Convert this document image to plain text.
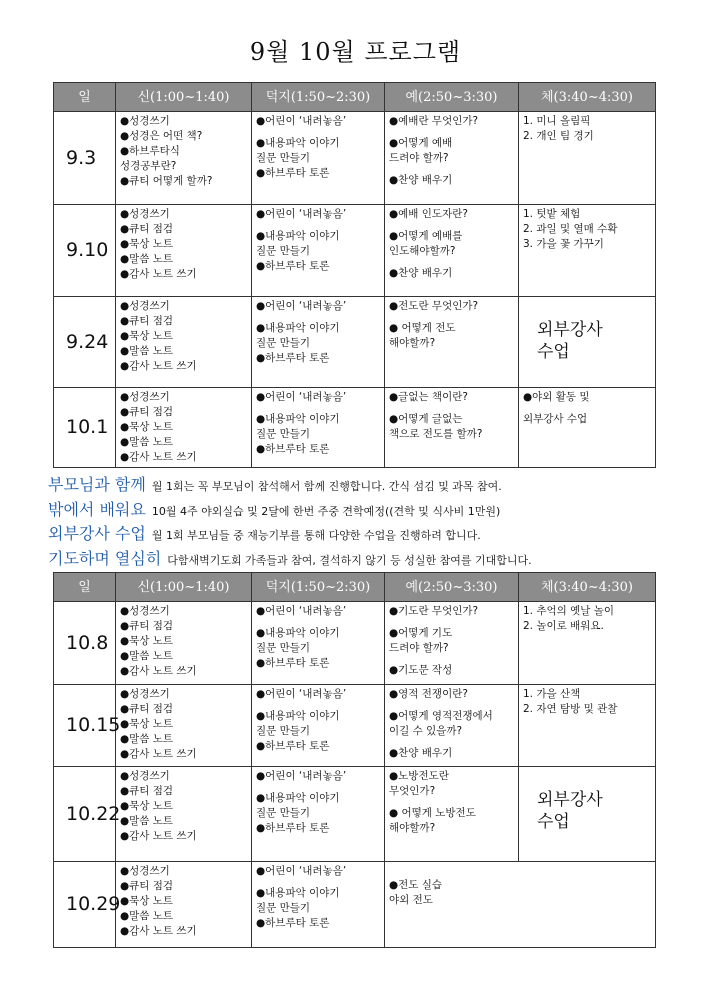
9월 10월 프로그램
일	신(1:00~1:40)	덕지(1:50~2:30)	예(2:50~3:30)	체(3:40~4:30)
9.3	●성경쓰기
●성경은 어떤 책?
●하브루타식
성경공부란?
●큐티 어떻게 할까?	●어린이 ‘내려놓음’
●내용파악 이야기
질문 만들기
●하브루타 토론	●예배란 무엇인가?
●어떻게 예배
드려야 할까?
●찬양 배우기	1. 미니 올림픽
2. 개인 팀 경기

9.10	●성경쓰기
●큐티 점검
●묵상 노트
●말씀 노트
●감사 노트 쓰기	●어린이 ‘내려놓음’
●내용파악 이야기
질문 만들기
●하브루타 토론	●예배 인도자란?
●어떻게 예배를
인도해야할까?
●찬양 배우기	1. 텃밭 체험
2. 과일 및 열매 수확
3. 가을 꽃 가꾸기

9.24	●성경쓰기
●큐티 점검
●묵상 노트
●말씀 노트
●감사 노트 쓰기	●어린이 ‘내려놓음’
●내용파악 이야기
질문 만들기
●하브루타 토론	●전도란 무엇인가?
● 어떻게 전도
해야할까?	외부강사
수업

10.1	●성경쓰기
●큐티 점검
●묵상 노트
●말씀 노트
●감사 노트 쓰기	●어린이 ‘내려놓음’
●내용파악 이야기
질문 만들기
●하브루타 토론	●글없는 책이란?
●어떻게 글없는
책으로 전도를 할까?	●야외 활동 및
외부강사 수업
부모님과 함께 월 1회는 꼭 부모님이 참석해서 함께 진행합니다. 간식 섬김 및 과목 참여.
밖에서 배워요 10월 4주 야외실습 및 2달에 한번 주중 견학예정((견학 및 식사비 1만원)
외부강사 수업 월 1회 부모님들 중 재능기부를 통해 다양한 수업을 진행하려 합니다.
기도하며 열심히 다함새벽기도회 가족들과 참여, 결석하지 않기 등 성실한 참여를 기대합니다.
일	신(1:00~1:40)	덕지(1:50~2:30)	예(2:50~3:30)	체(3:40~4:30)
10.8	●성경쓰기
●큐티 점검
●묵상 노트
●말씀 노트
●감사 노트 쓰기	●어린이 ‘내려놓음’
●내용파악 이야기
질문 만들기
●하브루타 토론	●기도란 무엇인가?
●어떻게 기도
드려야 할까?
●기도문 작성	1. 추억의 옛날 놀이
2. 놀이로 배워요.

10.15	●성경쓰기
●큐티 점검
●묵상 노트
●말씀 노트
●감사 노트 쓰기	●어린이 ‘내려놓음’
●내용파악 이야기
질문 만들기
●하브루타 토론	●영적 전쟁이란?
●어떻게 영적전쟁에서
이길 수 있을까?
●찬양 배우기	1. 가을 산책
2. 자연 탐방 및 관찰

10.22	●성경쓰기
●큐티 점검
●묵상 노트
●말씀 노트
●감사 노트 쓰기	●어린이 ‘내려놓음’
●내용파악 이야기
질문 만들기
●하브루타 토론	●노방전도란
무엇인가?
● 어떻게 노방전도
해야할까?	외부강사
수업

10.29	●성경쓰기
●큐티 점검
●묵상 노트
●말씀 노트
●감사 노트 쓰기	●어린이 ‘내려놓음’
●내용파악 이야기
질문 만들기
●하브루타 토론	●전도 실습
야외 전도	
